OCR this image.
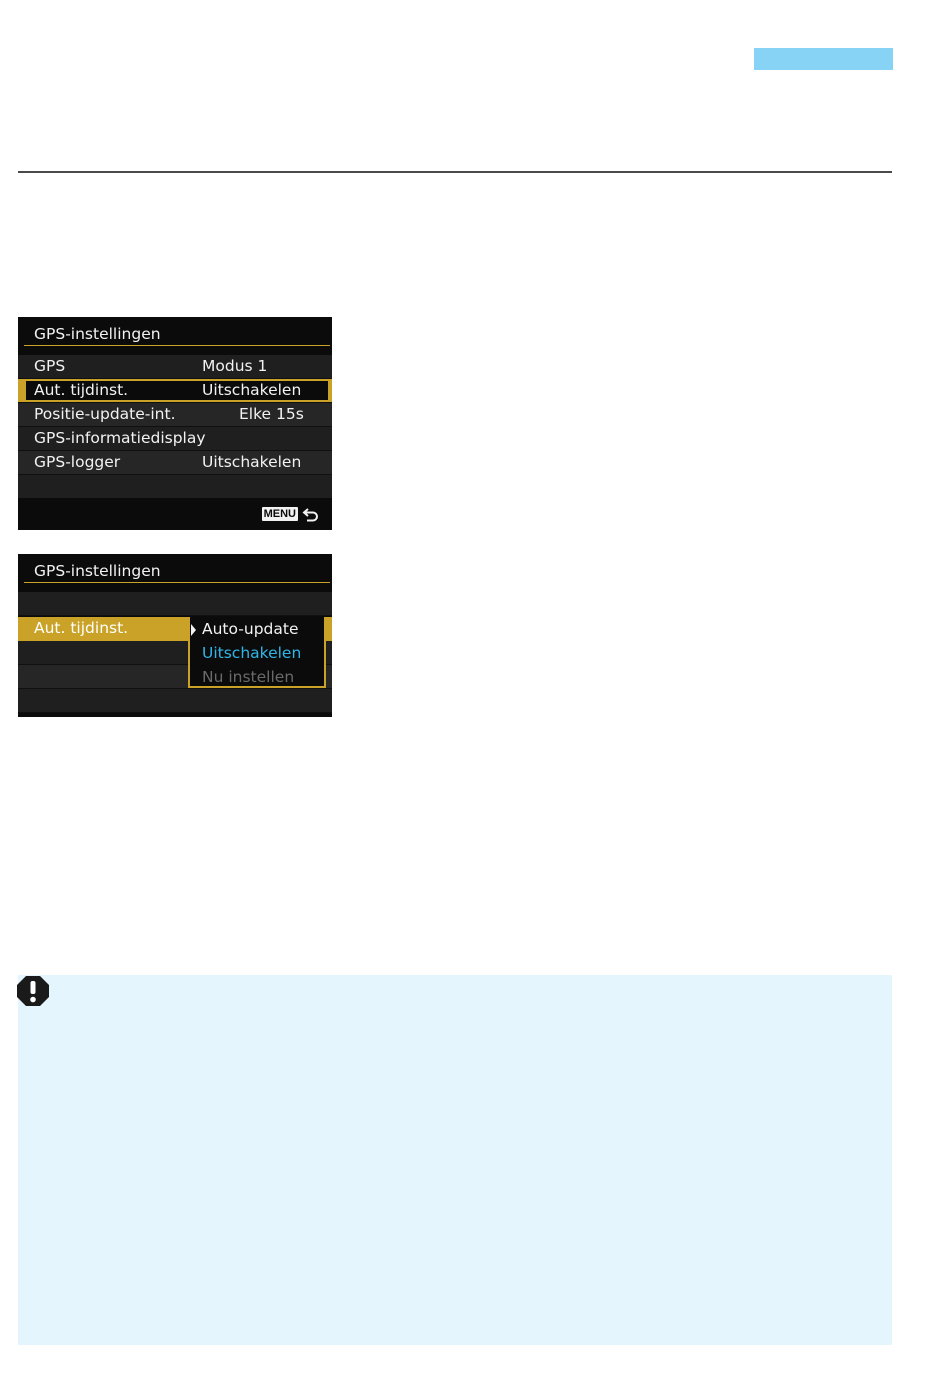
GPS-instellingen
GPS	Modus 1
Aut. tijdinst.	Uitschakelen
Positie-update-int.	Elke 15s
GPS-informatiedisplay
GPS-logger	Uitschakelen
MENU
GPS-instellingen
Aut. tijdinst.	Auto-update
Uitschakelen
Nu instellen
